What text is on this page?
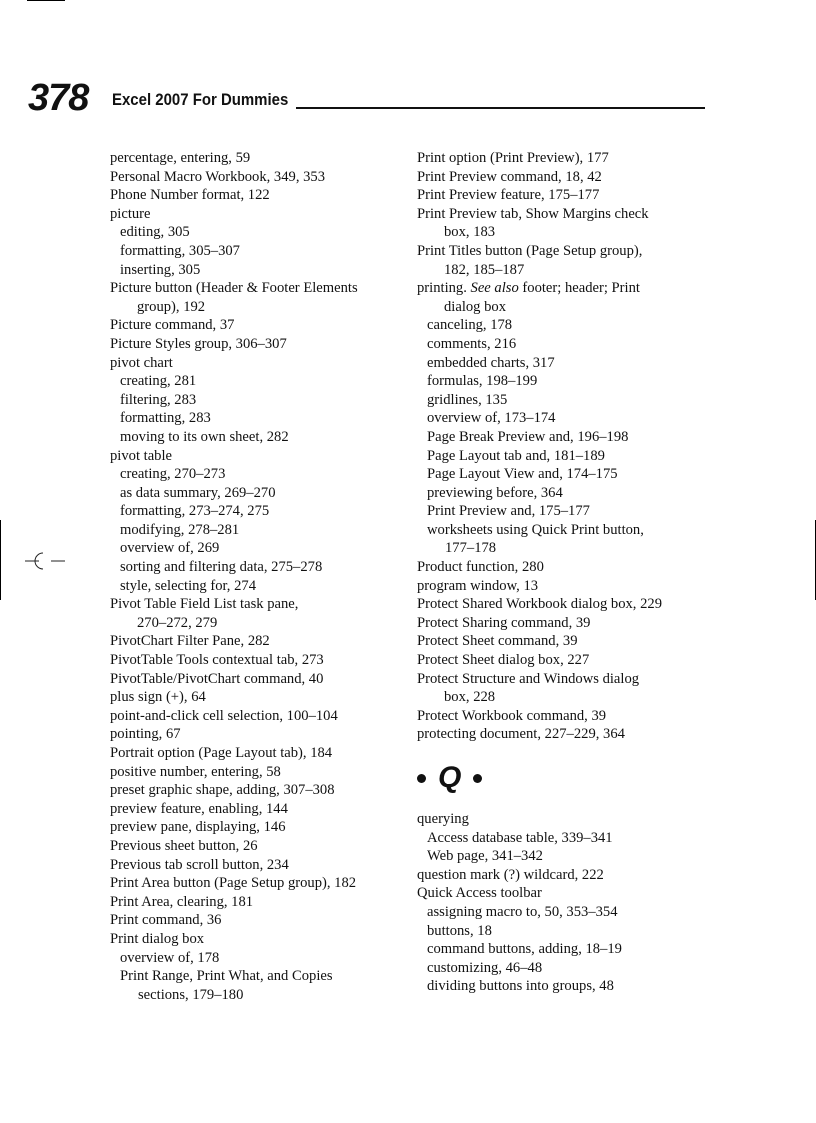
378 Excel 2007 For Dummies
percentage, entering, 59
Personal Macro Workbook, 349, 353
Phone Number format, 122
picture
editing, 305
formatting, 305–307
inserting, 305
Picture button (Header & Footer Elements
group), 192
Picture command, 37
Picture Styles group, 306–307
pivot chart
creating, 281
filtering, 283
formatting, 283
moving to its own sheet, 282
pivot table
creating, 270–273
as data summary, 269–270
formatting, 273–274, 275
modifying, 278–281
overview of, 269
sorting and filtering data, 275–278
style, selecting for, 274
Pivot Table Field List task pane,
270–272, 279
PivotChart Filter Pane, 282
PivotTable Tools contextual tab, 273
PivotTable/PivotChart command, 40
plus sign (+), 64
point-and-click cell selection, 100–104
pointing, 67
Portrait option (Page Layout tab), 184
positive number, entering, 58
preset graphic shape, adding, 307–308
preview feature, enabling, 144
preview pane, displaying, 146
Previous sheet button, 26
Previous tab scroll button, 234
Print Area button (Page Setup group), 182
Print Area, clearing, 181
Print command, 36
Print dialog box
overview of, 178
Print Range, Print What, and Copies
sections, 179–180
Print option (Print Preview), 177
Print Preview command, 18, 42
Print Preview feature, 175–177
Print Preview tab, Show Margins check
box, 183
Print Titles button (Page Setup group),
182, 185–187
printing. See also footer; header; Print
dialog box
canceling, 178
comments, 216
embedded charts, 317
formulas, 198–199
gridlines, 135
overview of, 173–174
Page Break Preview and, 196–198
Page Layout tab and, 181–189
Page Layout View and, 174–175
previewing before, 364
Print Preview and, 175–177
worksheets using Quick Print button,
177–178
Product function, 280
program window, 13
Protect Shared Workbook dialog box, 229
Protect Sharing command, 39
Protect Sheet command, 39
Protect Sheet dialog box, 227
Protect Structure and Windows dialog
box, 228
Protect Workbook command, 39
protecting document, 227–229, 364
Q
querying
Access database table, 339–341
Web page, 341–342
question mark (?) wildcard, 222
Quick Access toolbar
assigning macro to, 50, 353–354
buttons, 18
command buttons, adding, 18–19
customizing, 46–48
dividing buttons into groups, 48
